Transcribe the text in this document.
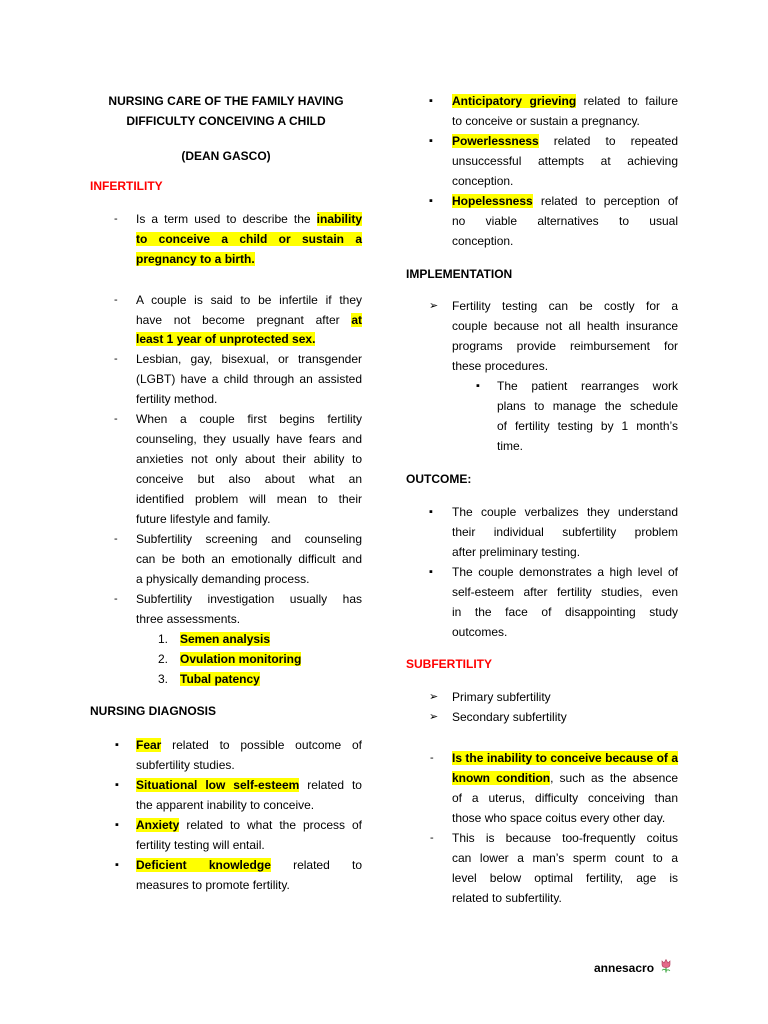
NURSING CARE OF THE FAMILY HAVING
DIFFICULTY CONCEIVING A CHILD
(DEAN GASCO)
INFERTILITY
- Is a term used to describe the inability
to conceive a child or sustain a
pregnancy to a birth.
- A couple is said to be infertile if they
have not become pregnant after at
least 1 year of unprotected sex.
- Lesbian, gay, bisexual, or transgender
(LGBT) have a child through an assisted
fertility method.
- When a couple first begins fertility
counseling, they usually have fears and
anxieties not only about their ability to
conceive but also about what an
identified problem will mean to their
future lifestyle and family.
- Subfertility screening and counseling
can be both an emotionally difficult and
a physically demanding process.
- Subfertility investigation usually has
three assessments.
1. Semen analysis
2. Ovulation monitoring
3. Tubal patency
NURSING DIAGNOSIS
▪ Fear related to possible outcome of
subfertility studies.
▪ Situational low self-esteem related to
the apparent inability to conceive.
▪ Anxiety related to what the process of
fertility testing will entail.
▪ Deficient knowledge related to
measures to promote fertility.
▪ Anticipatory grieving related to failure
to conceive or sustain a pregnancy.
▪ Powerlessness related to repeated
unsuccessful attempts at achieving
conception.
▪ Hopelessness related to perception of
no viable alternatives to usual
conception.
IMPLEMENTATION
➢ Fertility testing can be costly for a
couple because not all health insurance
programs provide reimbursement for
these procedures.
▪ The patient rearranges work
plans to manage the schedule
of fertility testing by 1 month’s
time.
OUTCOME:
▪ The couple verbalizes they understand
their individual subfertility problem
after preliminary testing.
▪ The couple demonstrates a high level of
self-esteem after fertility studies, even
in the face of disappointing study
outcomes.
SUBFERTILITY
➢ Primary subfertility
➢ Secondary subfertility
- Is the inability to conceive because of a
known condition, such as the absence
of a uterus, difficulty conceiving than
those who space coitus every other day.
- This is because too-frequently coitus
can lower a man’s sperm count to a
level below optimal fertility, age is
related to subfertility.
annesacro
